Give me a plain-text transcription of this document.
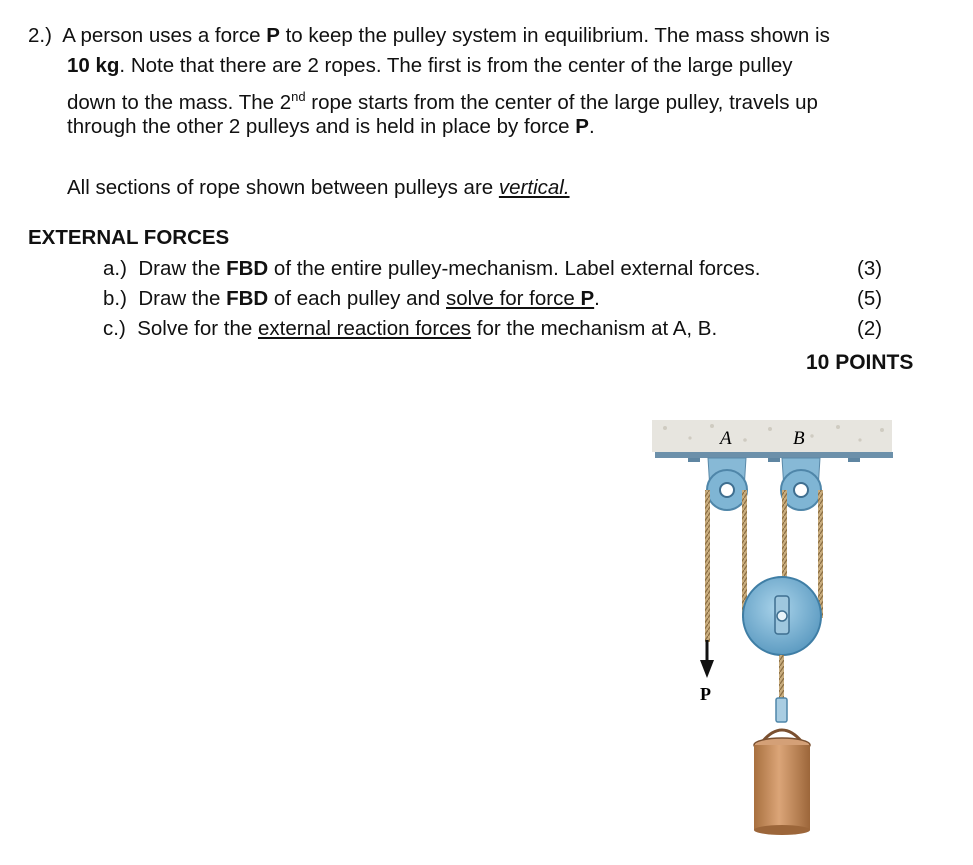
2.) A person uses a force P to keep the pulley system in equilibrium. The mass shown is
10 kg. Note that there are 2 ropes. The first is from the center of the large pulley
down to the mass. The 2nd rope starts from the center of the large pulley, travels up
through the other 2 pulleys and is held in place by force P.
All sections of rope shown between pulleys are vertical.
EXTERNAL FORCES
a.) Draw the FBD of the entire pulley-mechanism. Label external forces.	(3)
b.) Draw the FBD of each pulley and solve for force P.	(5)
c.) Solve for the external reaction forces for the mechanism at A, B.	(2)
10 POINTS
A	B
P
